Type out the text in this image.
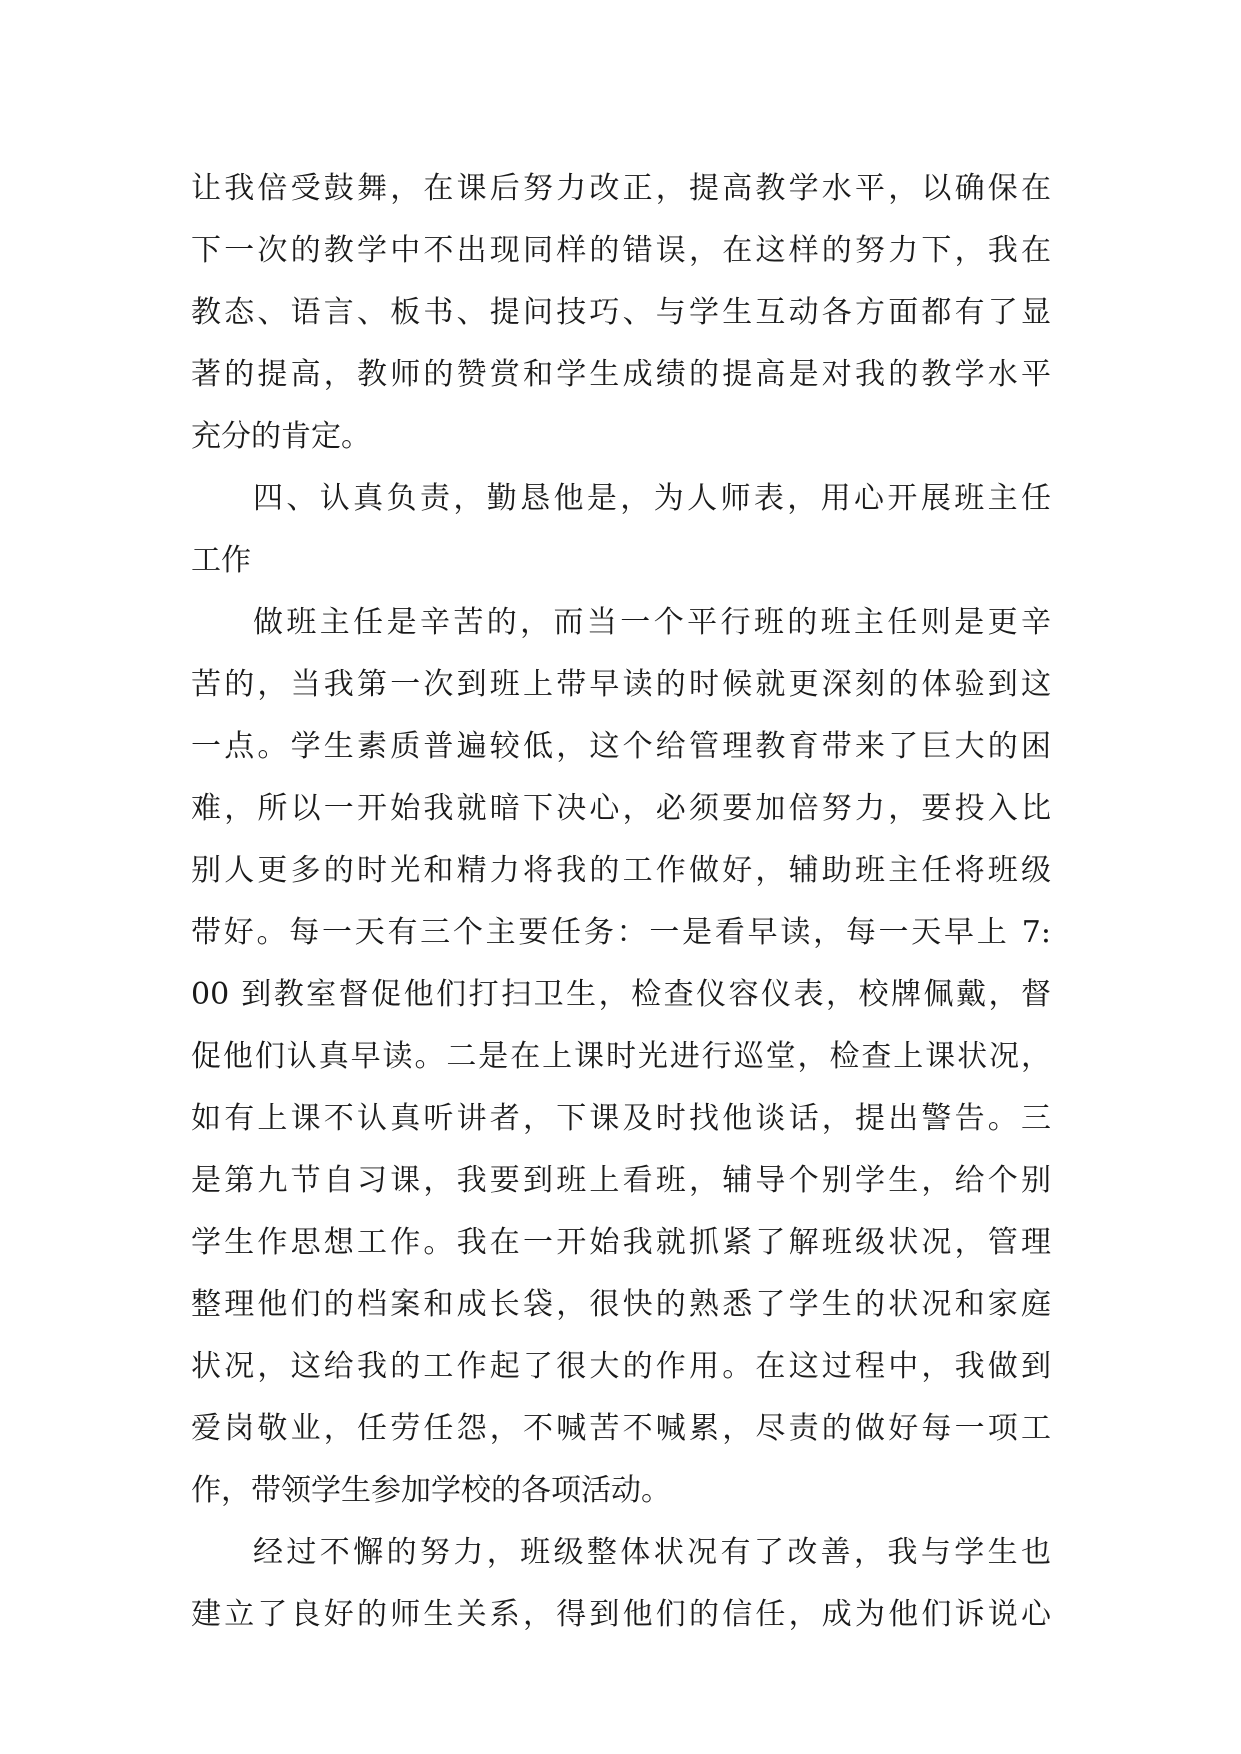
让我倍受鼓舞，在课后努力改正，提高教学水平，以确保在
下一次的教学中不出现同样的错误，在这样的努力下，我在
教态、语言、板书、提问技巧、与学生互动各方面都有了显
著的提高，教师的赞赏和学生成绩的提高是对我的教学水平
充分的肯定。
四、认真负责，勤恳他是，为人师表，用心开展班主任
工作
做班主任是辛苦的，而当一个平行班的班主任则是更辛
苦的，当我第一次到班上带早读的时候就更深刻的体验到这
一点。学生素质普遍较低，这个给管理教育带来了巨大的困
难，所以一开始我就暗下决心，必须要加倍努力，要投入比
别人更多的时光和精力将我的工作做好，辅助班主任将班级
带好。每一天有三个主要任务：一是看早读，每一天早上 7:
00 到教室督促他们打扫卫生，检查仪容仪表，校牌佩戴，督
促他们认真早读。二是在上课时光进行巡堂，检查上课状况，
如有上课不认真听讲者，下课及时找他谈话，提出警告。三
是第九节自习课，我要到班上看班，辅导个别学生，给个别
学生作思想工作。我在一开始我就抓紧了解班级状况，管理
整理他们的档案和成长袋，很快的熟悉了学生的状况和家庭
状况，这给我的工作起了很大的作用。在这过程中，我做到
爱岗敬业，任劳任怨，不喊苦不喊累，尽责的做好每一项工
作，带领学生参加学校的各项活动。
经过不懈的努力，班级整体状况有了改善，我与学生也
建立了良好的师生关系，得到他们的信任，成为他们诉说心
